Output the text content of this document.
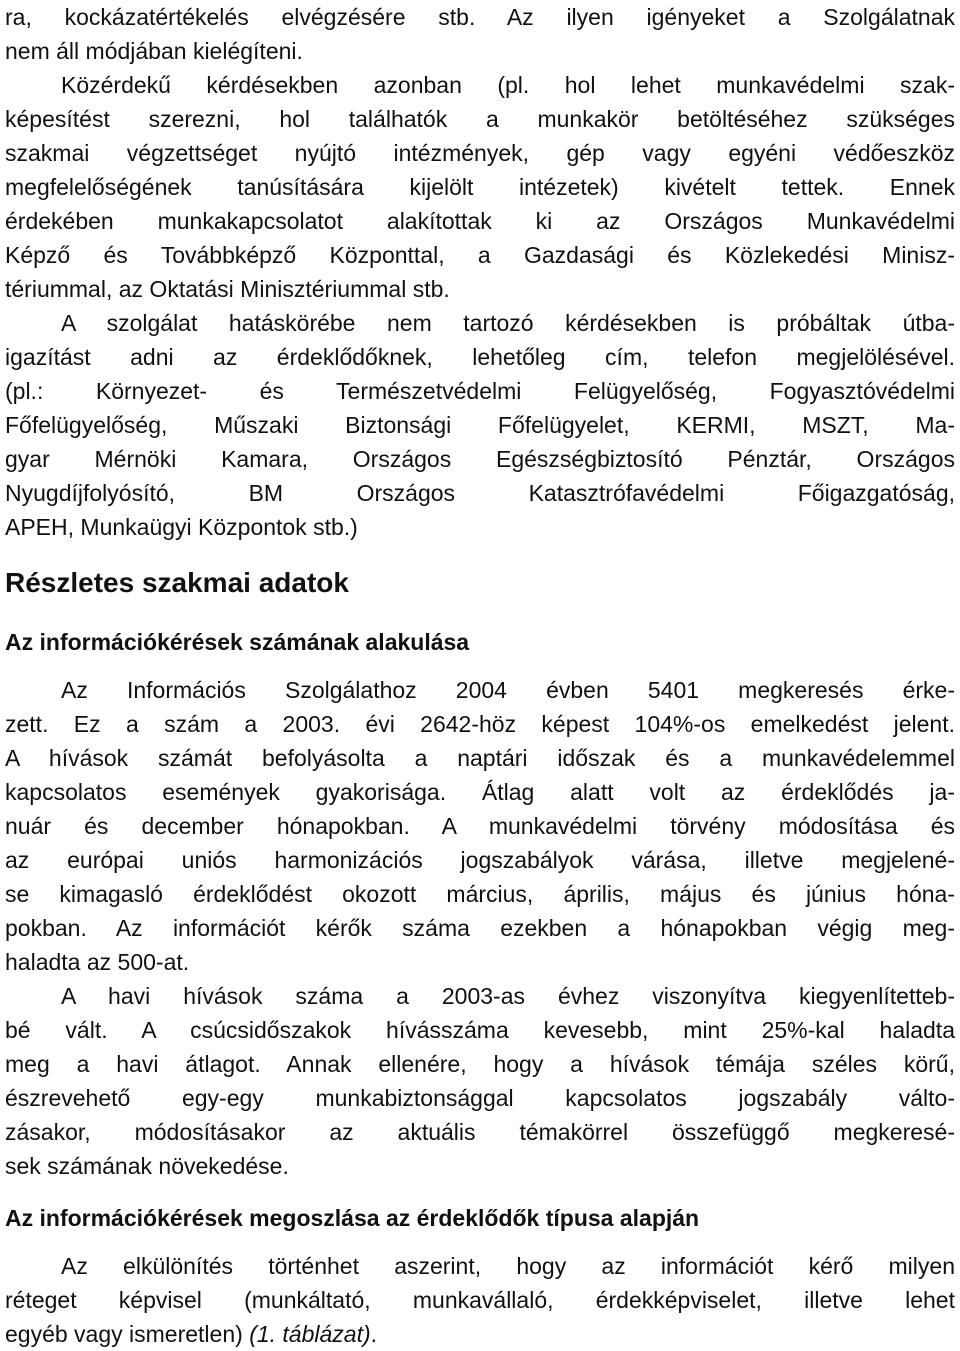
ra, kockázatértékelés elvégzésére stb. Az ilyen igényeket a Szolgálatnak
nem áll módjában kielégíteni.
Közérdekű kérdésekben azonban (pl. hol lehet munkavédelmi szak-
képesítést szerezni, hol találhatók a munkakör betöltéséhez szükséges
szakmai végzettséget nyújtó intézmények, gép vagy egyéni védőeszköz
megfelelőségének tanúsítására kijelölt intézetek) kivételt tettek. Ennek
érdekében munkakapcsolatot alakítottak ki az Országos Munkavédelmi
Képző és Továbbképző Központtal, a Gazdasági és Közlekedési Minisz-
tériummal, az Oktatási Minisztériummal stb.
A szolgálat hatáskörébe nem tartozó kérdésekben is próbáltak útba-
igazítást adni az érdeklődőknek, lehetőleg cím, telefon megjelölésével.
(pl.: Környezet- és Természetvédelmi Felügyelőség, Fogyasztóvédelmi
Főfelügyelőség, Műszaki Biztonsági Főfelügyelet, KERMI, MSZT, Ma-
gyar Mérnöki Kamara, Országos Egészségbiztosító Pénztár, Országos
Nyugdíjfolyósító, BM Országos Katasztrófavédelmi Főigazgatóság,
APEH, Munkaügyi Központok stb.)
Részletes szakmai adatok
Az információkérések számának alakulása
Az Információs Szolgálathoz 2004 évben 5401 megkeresés érke-
zett. Ez a szám a 2003. évi 2642-höz képest 104%-os emelkedést jelent.
A hívások számát befolyásolta a naptári időszak és a munkavédelemmel
kapcsolatos események gyakorisága. Átlag alatt volt az érdeklődés ja-
nuár és december hónapokban. A munkavédelmi törvény módosítása és
az európai uniós harmonizációs jogszabályok várása, illetve megjelené-
se kimagasló érdeklődést okozott március, április, május és június hóna-
pokban. Az információt kérők száma ezekben a hónapokban végig meg-
haladta az 500-at.
A havi hívások száma a 2003-as évhez viszonyítva kiegyenlítetteb-
bé vált. A csúcsidőszakok hívásszáma kevesebb, mint 25%-kal haladta
meg a havi átlagot. Annak ellenére, hogy a hívások témája széles körű,
észrevehető egy-egy munkabiztonsággal kapcsolatos jogszabály válto-
zásakor, módosításakor az aktuális témakörrel összefüggő megkeresé-
sek számának növekedése.
Az információkérések megoszlása az érdeklődők típusa alapján
Az elkülönítés történhet aszerint, hogy az információt kérő milyen
réteget képvisel (munkáltató, munkavállaló, érdekképviselet, illetve lehet
egyéb vagy ismeretlen) (1. táblázat).
